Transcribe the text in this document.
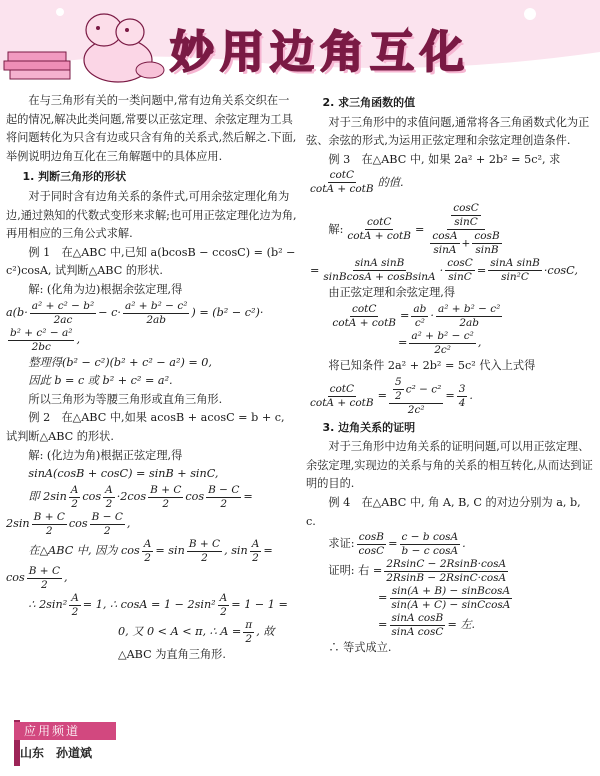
妙用边角互化

在与三角形有关的一类问题中,常有边角关系交织在一起的情况,解决此类问题,常要以正弦定理、余弦定理为工具将问题转化为只含有边或只含有角的关系式,然后解之.下面,举例说明边角互化在三角解题中的具体应用.

1. 判断三角形的形状

对于同时含有边角关系的条件式,可用余弦定理化角为边,通过熟知的代数式变形来求解;也可用正弦定理化边为角,再用相应的三角公式求解.

例 1　在△ABC 中,已知 a(bcosB − ccosC) = (b² − c²)cosA, 试判断△ABC 的形状.

解: (化角为边)根据余弦定理,得

$a(b\cdot \frac{\text{a² + c² − b²}}{2ac} - c\cdot \frac{\text{a² + b² − c²}}{2ab}$ ) = (b² − c²)·
$\frac{\text{b² + c² − a²}}{2bc}$ ,

整理得(b² − c²)(b² + c² − a²) = 0,

因此 b = c 或 b² + c² = a².

所以三角形为等腰三角形或直角三角形.

例 2　在△ABC 中,如果 acosB + acosC = b + c, 试判断△ABC 的形状.

解: (化边为角)根据正弦定理,得

sinA(cosB + cosC) = sinB + sinC,

即 $2\sin \frac{A}{2}$ $\cos \frac{A}{2} \cdot 2\cos \frac{B + C}{2}$ $\cos \frac{B - C}{2}$ =
$2\sin \frac{B + C}{2}$ $\cos \frac{B - C}{2}$ ,
在△ABC 中, 因为 $\cos \frac{A}{2} = \sin \frac{B + C}{2}$ , $\sin \frac{A}{2}$ =
$\cos \frac{B + C}{2}$ ,
∴ $2\sin^2 \frac{A}{2} = 1$, ∴ $\cos A = 1 - 2\sin^2 \frac{A}{2} = 1 - 1$ =
0, 又 0 < A < π, ∴ $A = \frac{\pi}{2}$ , 故

△ABC 为直角三角形.

2. 求三角函数的值

对于三角形中的求值问题,通常将各三角函数式化为正弦、余弦的形式,为运用正弦定理和余弦定理创造条件.

例 3　在△ABC 中, 如果 2a² + 2b² = 5c², 求

$\frac{\cot C}{\cot A + \cot B}$ 的值.
解: $\frac{\cot C}{\cot A + \cot B} = \frac{\frac{\cos C}{\sin C}}{\frac{\cos A}{\sin A} + \frac{\cos B}{\sin B}}$
= $\frac{\text{sinA sinB}}{\text{sinBcosA + cosBsinA}} \cdot \frac{\cos C}{\sin C} = \frac{\text{sinA sinB}}{\text{sin²C}} \cdot\cos C$,

由正弦定理和余弦定理,得

$\frac{\cot C}{\cot A + \cot B} = \frac{ab}{\text{c²}} \cdot \frac{\text{a² + b² − c²}}{2ab}$
= $\frac{\text{a² + b² − c²}}{\text{2c²}}$ ,

将已知条件 2a² + 2b² = 5c² 代入上式得

$\frac{\cot C}{\cot A + \cot B} = \frac{\frac{5}{2} c^2 - c^2}{\text{2c²}} = \frac{3}{4}$ .
3. 边角关系的证明

对于三角形中边角关系的证明问题,可以用正弦定理、余弦定理,实现边的关系与角的关系的相互转化,从而达到证明的目的.

例 4　在△ABC 中, 角 A, B, C 的对边分别为 a, b, c.

求证: $\frac{\cos B}{\cos C} = \frac{\text{c − b cosA}}{\text{b − c cosA}}$ .
证明: 右 = $\frac{2RsinC - 2RsinB\cdot\cos A}{2RsinB - 2RsinC\cdot\cos A}$
= $\frac{\text{sin(A + B) − sinBcosA}}{\text{sin(A + C) − sinCcosA}}$
= $\frac{\text{sinA cosB}}{\text{sinA cosC}}$ = 左.

∴ 等式成立.

应用频道
山东　孙道斌
